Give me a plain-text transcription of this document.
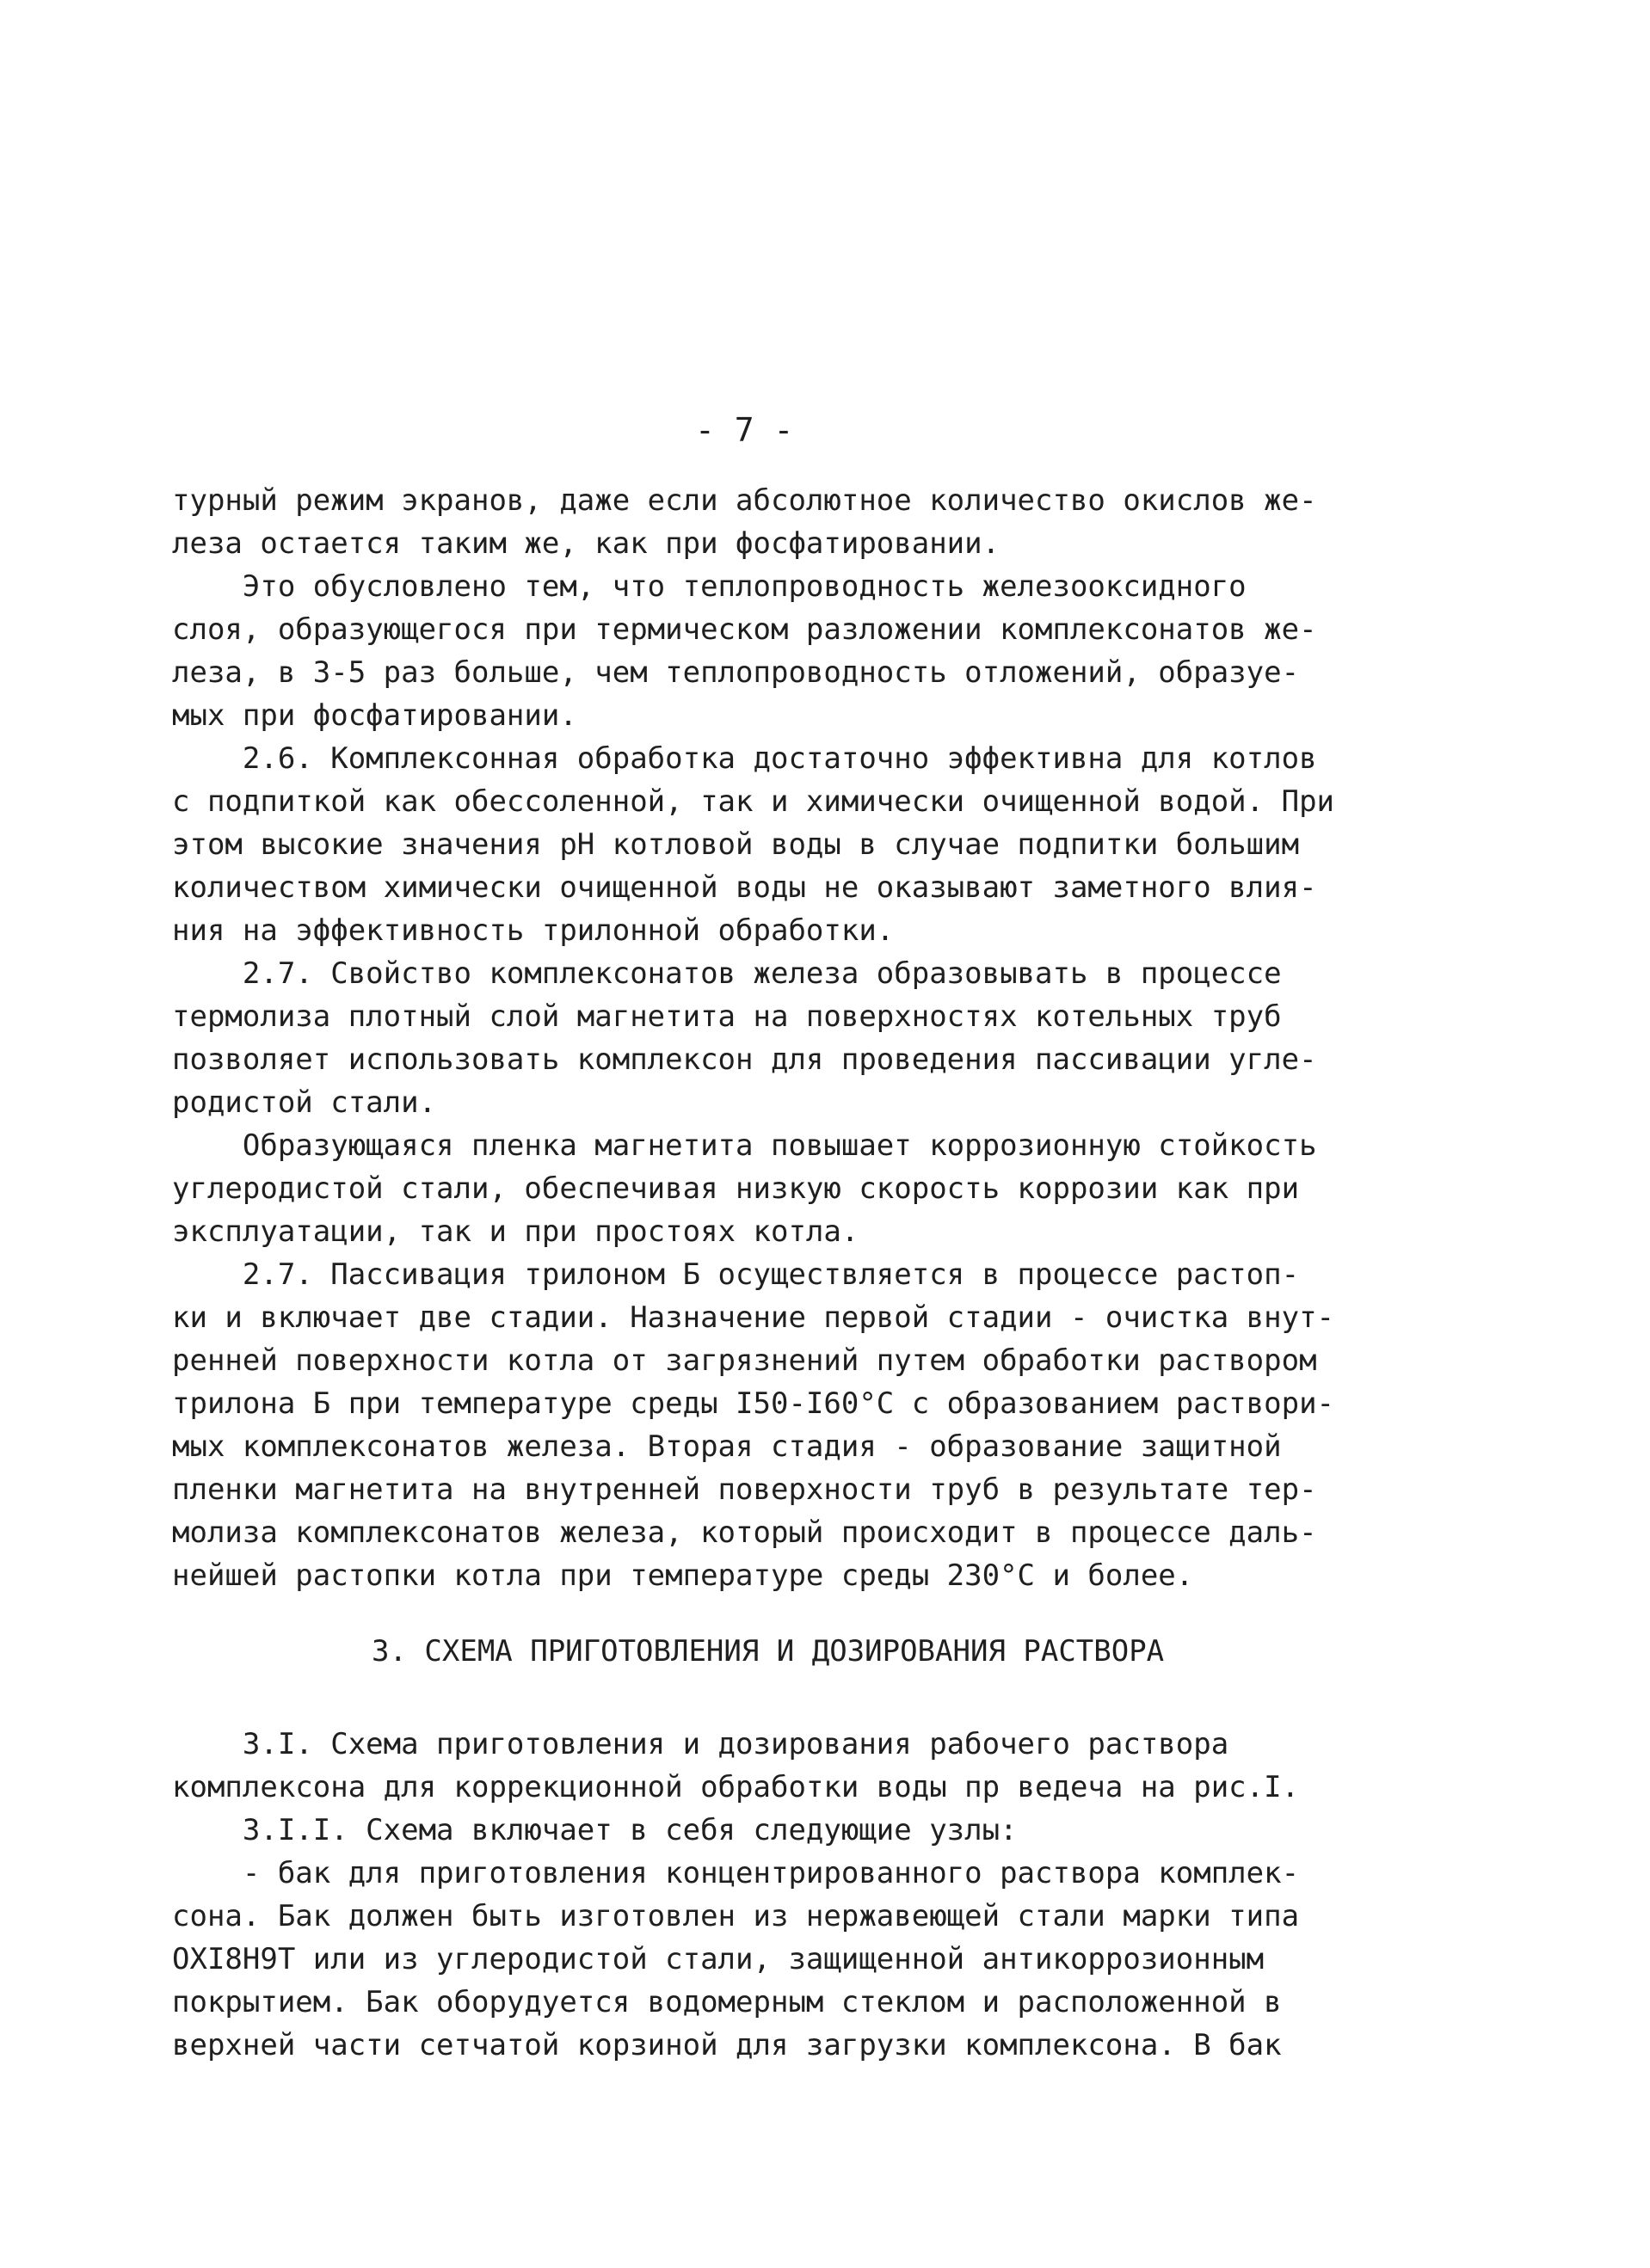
- 7 -
турный режим экранов, даже если абсолютное количество окислов же-
леза остается таким же, как при фосфатировании.
Это обусловлено тем, что теплопроводность железооксидного
слоя, образующегося при термическом разложении комплексонатов же-
леза, в 3-5 раз больше, чем теплопроводность отложений, образуе-
мых при фосфатировании.
2.6. Комплексонная обработка достаточно эффективна для котлов
с подпиткой как обессоленной, так и химически очищенной водой. При
этом высокие значения pH котловой воды в случае подпитки большим
количеством химически очищенной воды не оказывают заметного влия-
ния на эффективность трилонной обработки.
2.7. Свойство комплексонатов железа образовывать в процессе
термолиза плотный слой магнетита на поверхностях котельных труб
позволяет использовать комплексон для проведения пассивации угле-
родистой стали.
Образующаяся пленка магнетита повышает коррозионную стойкость
углеродистой стали, обеспечивая низкую скорость коррозии как при
эксплуатации, так и при простоях котла.
2.7. Пассивация трилоном Б осуществляется в процессе растоп-
ки и включает две стадии. Назначение первой стадии - очистка внут-
ренней поверхности котла от загрязнений путем обработки раствором
трилона Б при температуре среды I50-I60°C с образованием раствори-
мых комплексонатов железа. Вторая стадия - образование защитной
пленки магнетита на внутренней поверхности труб в результате тер-
молиза комплексонатов железа, который происходит в процессе даль-
нейшей растопки котла при температуре среды 230°C и более.
3. СХЕМА ПРИГОТОВЛЕНИЯ И ДОЗИРОВАНИЯ РАСТВОРА
3.I. Схема приготовления и дозирования рабочего раствора
комплексона для коррекционной обработки воды пр ведеча на рис.I.
3.I.I. Схема включает в себя следующие узлы:
- бак для приготовления концентрированного раствора комплек-
сона. Бак должен быть изготовлен из нержавеющей стали марки типа
OXI8H9T или из углеродистой стали, защищенной антикоррозионным
покрытием. Бак оборудуется водомерным стеклом и расположенной в
верхней части сетчатой корзиной для загрузки комплексона. В бак
